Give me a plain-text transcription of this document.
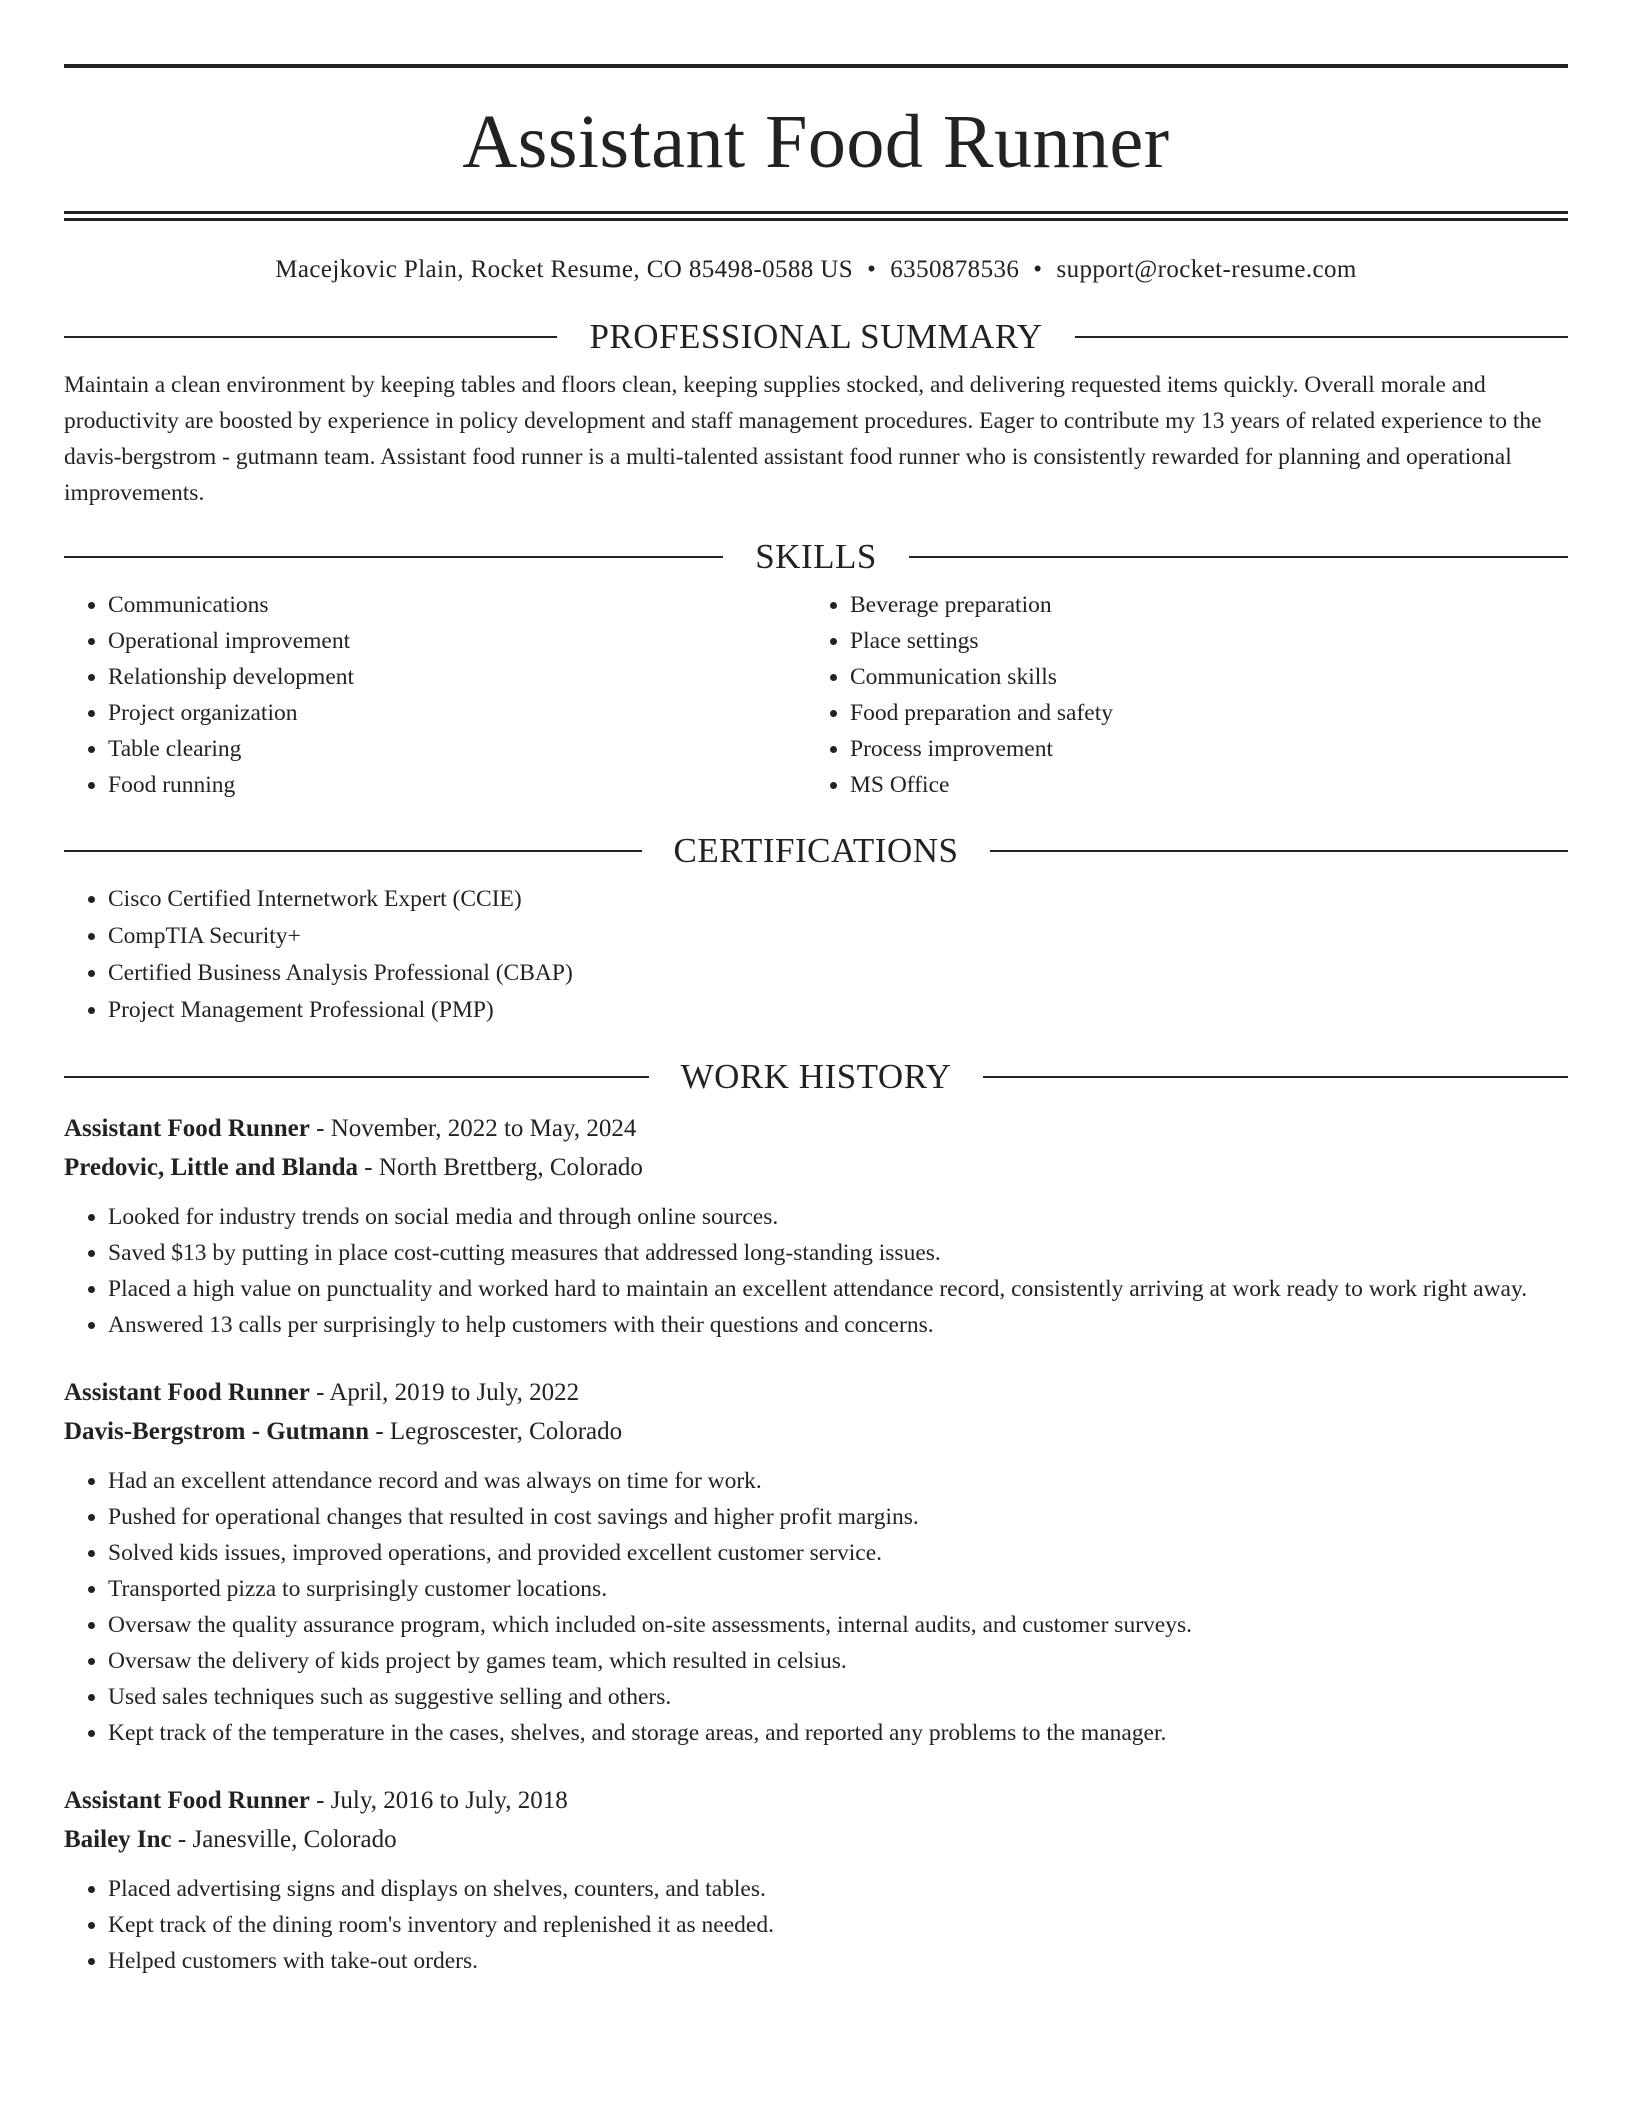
Assistant Food Runner
Macejkovic Plain, Rocket Resume, CO 85498-0588 US • 6350878536 • support@rocket-resume.com
PROFESSIONAL SUMMARY

Maintain a clean environment by keeping tables and floors clean, keeping supplies stocked, and delivering requested items quickly. Overall morale and productivity are boosted by experience in policy development and staff management procedures. Eager to contribute my 13 years of related experience to the davis-bergstrom - gutmann team. Assistant food runner is a multi-talented assistant food runner who is consistently rewarded for planning and operational improvements.

SKILLS
• Communications
• Operational improvement
• Relationship development
• Project organization
• Table clearing
• Food running
• Beverage preparation
• Place settings
• Communication skills
• Food preparation and safety
• Process improvement
• MS Office
CERTIFICATIONS
• Cisco Certified Internetwork Expert (CCIE)
• CompTIA Security+
• Certified Business Analysis Professional (CBAP)
• Project Management Professional (PMP)
WORK HISTORY
Assistant Food Runner - November, 2022 to May, 2024
Predovic, Little and Blanda - North Brettberg, Colorado
• Looked for industry trends on social media and through online sources.
• Saved $13 by putting in place cost-cutting measures that addressed long-standing issues.
• Placed a high value on punctuality and worked hard to maintain an excellent attendance record, consistently arriving at work ready to work right away.
• Answered 13 calls per surprisingly to help customers with their questions and concerns.
Assistant Food Runner - April, 2019 to July, 2022
Davis-Bergstrom - Gutmann - Legroscester, Colorado
• Had an excellent attendance record and was always on time for work.
• Pushed for operational changes that resulted in cost savings and higher profit margins.
• Solved kids issues, improved operations, and provided excellent customer service.
• Transported pizza to surprisingly customer locations.
• Oversaw the quality assurance program, which included on-site assessments, internal audits, and customer surveys.
• Oversaw the delivery of kids project by games team, which resulted in celsius.
• Used sales techniques such as suggestive selling and others.
• Kept track of the temperature in the cases, shelves, and storage areas, and reported any problems to the manager.
Assistant Food Runner - July, 2016 to July, 2018
Bailey Inc - Janesville, Colorado
• Placed advertising signs and displays on shelves, counters, and tables.
• Kept track of the dining room's inventory and replenished it as needed.
• Helped customers with take-out orders.
